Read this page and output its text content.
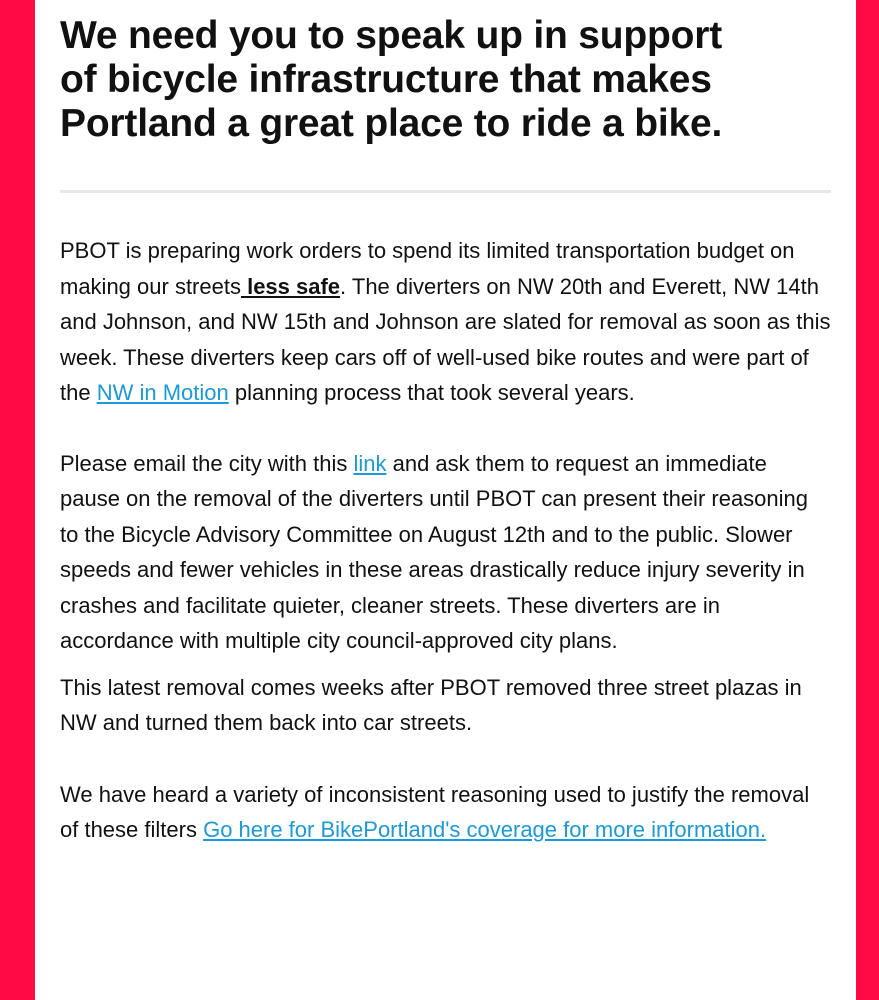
We need you to speak up in support
of bicycle infrastructure that makes
Portland a great place to ride a bike.

PBOT is preparing work orders to spend its limited transportation budget on making our streets less safe. The diverters on NW 20th and Everett, NW 14th and Johnson, and NW 15th and Johnson are slated for removal as soon as this week. These diverters keep cars off of well-used bike routes and were part of the NW in Motion planning process that took several years.

Please email the city with this link and ask them to request an immediate pause on the removal of the diverters until PBOT can present their reasoning to the Bicycle Advisory Committee on August 12th and to the public. Slower speeds and fewer vehicles in these areas drastically reduce injury severity in crashes and facilitate quieter, cleaner streets. These diverters are in accordance with multiple city council-approved city plans.

This latest removal comes weeks after PBOT removed three street plazas in NW and turned them back into car streets.

We have heard a variety of inconsistent reasoning used to justify the removal of these filters Go here for BikePortland's coverage for more information.
